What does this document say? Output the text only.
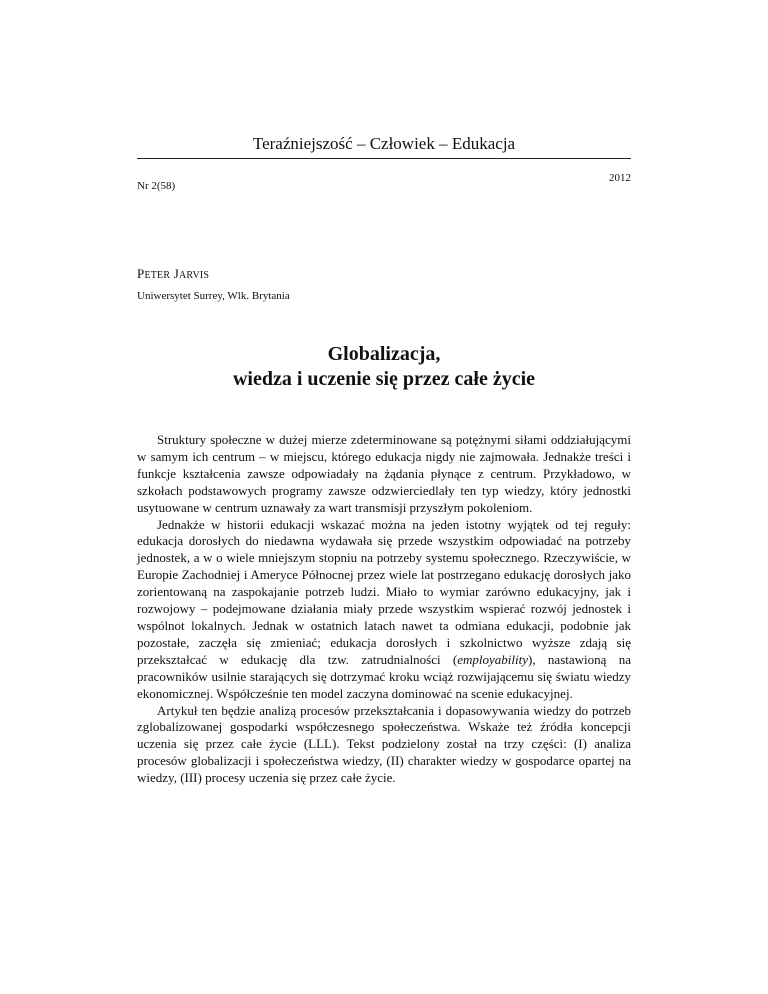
Teraźniejszość – Człowiek – Edukacja
Nr 2(58)
2012
PETER JARVIS
Uniwersytet Surrey, Wlk. Brytania
Globalizacja,
wiedza i uczenie się przez całe życie

Struktury społeczne w dużej mierze zdeterminowane są potężnymi siłami oddziałującymi w samym ich centrum – w miejscu, którego edukacja nigdy nie zajmowała. Jednakże treści i funkcje kształcenia zawsze odpowiadały na żądania płynące z centrum. Przykładowo, w szkołach podstawowych programy zawsze odzwierciedlały ten typ wiedzy, który jednostki usytuowane w centrum uznawały za wart transmisji przyszłym pokoleniom.

Jednakże w historii edukacji wskazać można na jeden istotny wyjątek od tej reguły: edukacja dorosłych do niedawna wydawała się przede wszystkim odpowiadać na potrzeby jednostek, a w o wiele mniejszym stopniu na potrzeby systemu społecznego. Rzeczywiście, w Europie Zachodniej i Ameryce Północnej przez wiele lat postrzegano edukację dorosłych jako zorientowaną na zaspokajanie potrzeb ludzi. Miało to wymiar zarówno edukacyjny, jak i rozwojowy – podejmowane działania miały przede wszystkim wspierać rozwój jednostek i wspólnot lokalnych. Jednak w ostatnich latach nawet ta odmiana edukacji, podobnie jak pozostałe, zaczęła się zmieniać; edukacja dorosłych i szkolnictwo wyższe zdają się przekształcać w edukację dla tzw. zatrudnialności (employability), nastawioną na pracowników usilnie starających się dotrzymać kroku wciąż rozwijającemu się światu wiedzy ekonomicznej. Współcześnie ten model zaczyna dominować na scenie edukacyjnej.

Artykuł ten będzie analizą procesów przekształcania i dopasowywania wiedzy do potrzeb zglobalizowanej gospodarki współczesnego społeczeństwa. Wskaże też źródła koncepcji uczenia się przez całe życie (LLL). Tekst podzielony został na trzy części: (I) analiza procesów globalizacji i społeczeństwa wiedzy, (II) charakter wiedzy w gospodarce opartej na wiedzy, (III) procesy uczenia się przez całe życie.
